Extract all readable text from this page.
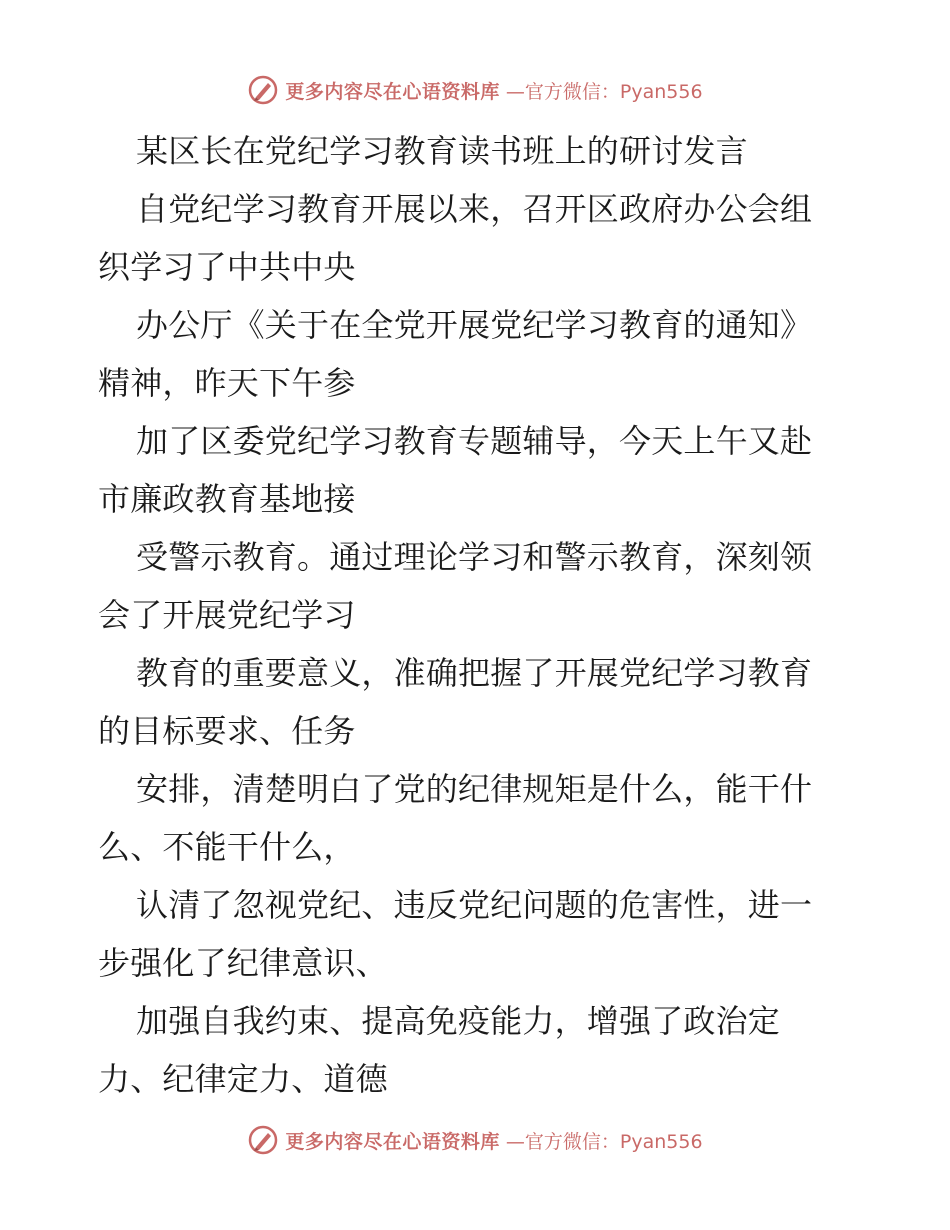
更多内容尽在心语资料库 —官方微信：Pyan556
某区长在党纪学习教育读书班上的研讨发言
自党纪学习教育开展以来，召开区政府办公会组
织学习了中共中央
办公厅《关于在全党开展党纪学习教育的通知》
精神，昨天下午参
加了区委党纪学习教育专题辅导，今天上午又赴
市廉政教育基地接
受警示教育。通过理论学习和警示教育，深刻领
会了开展党纪学习
教育的重要意义，准确把握了开展党纪学习教育
的目标要求、任务
安排，清楚明白了党的纪律规矩是什么，能干什
么、不能干什么，
认清了忽视党纪、违反党纪问题的危害性，进一
步强化了纪律意识、
加强自我约束、提高免疫能力，增强了政治定
力、纪律定力、道德
更多内容尽在心语资料库 —官方微信：Pyan556
